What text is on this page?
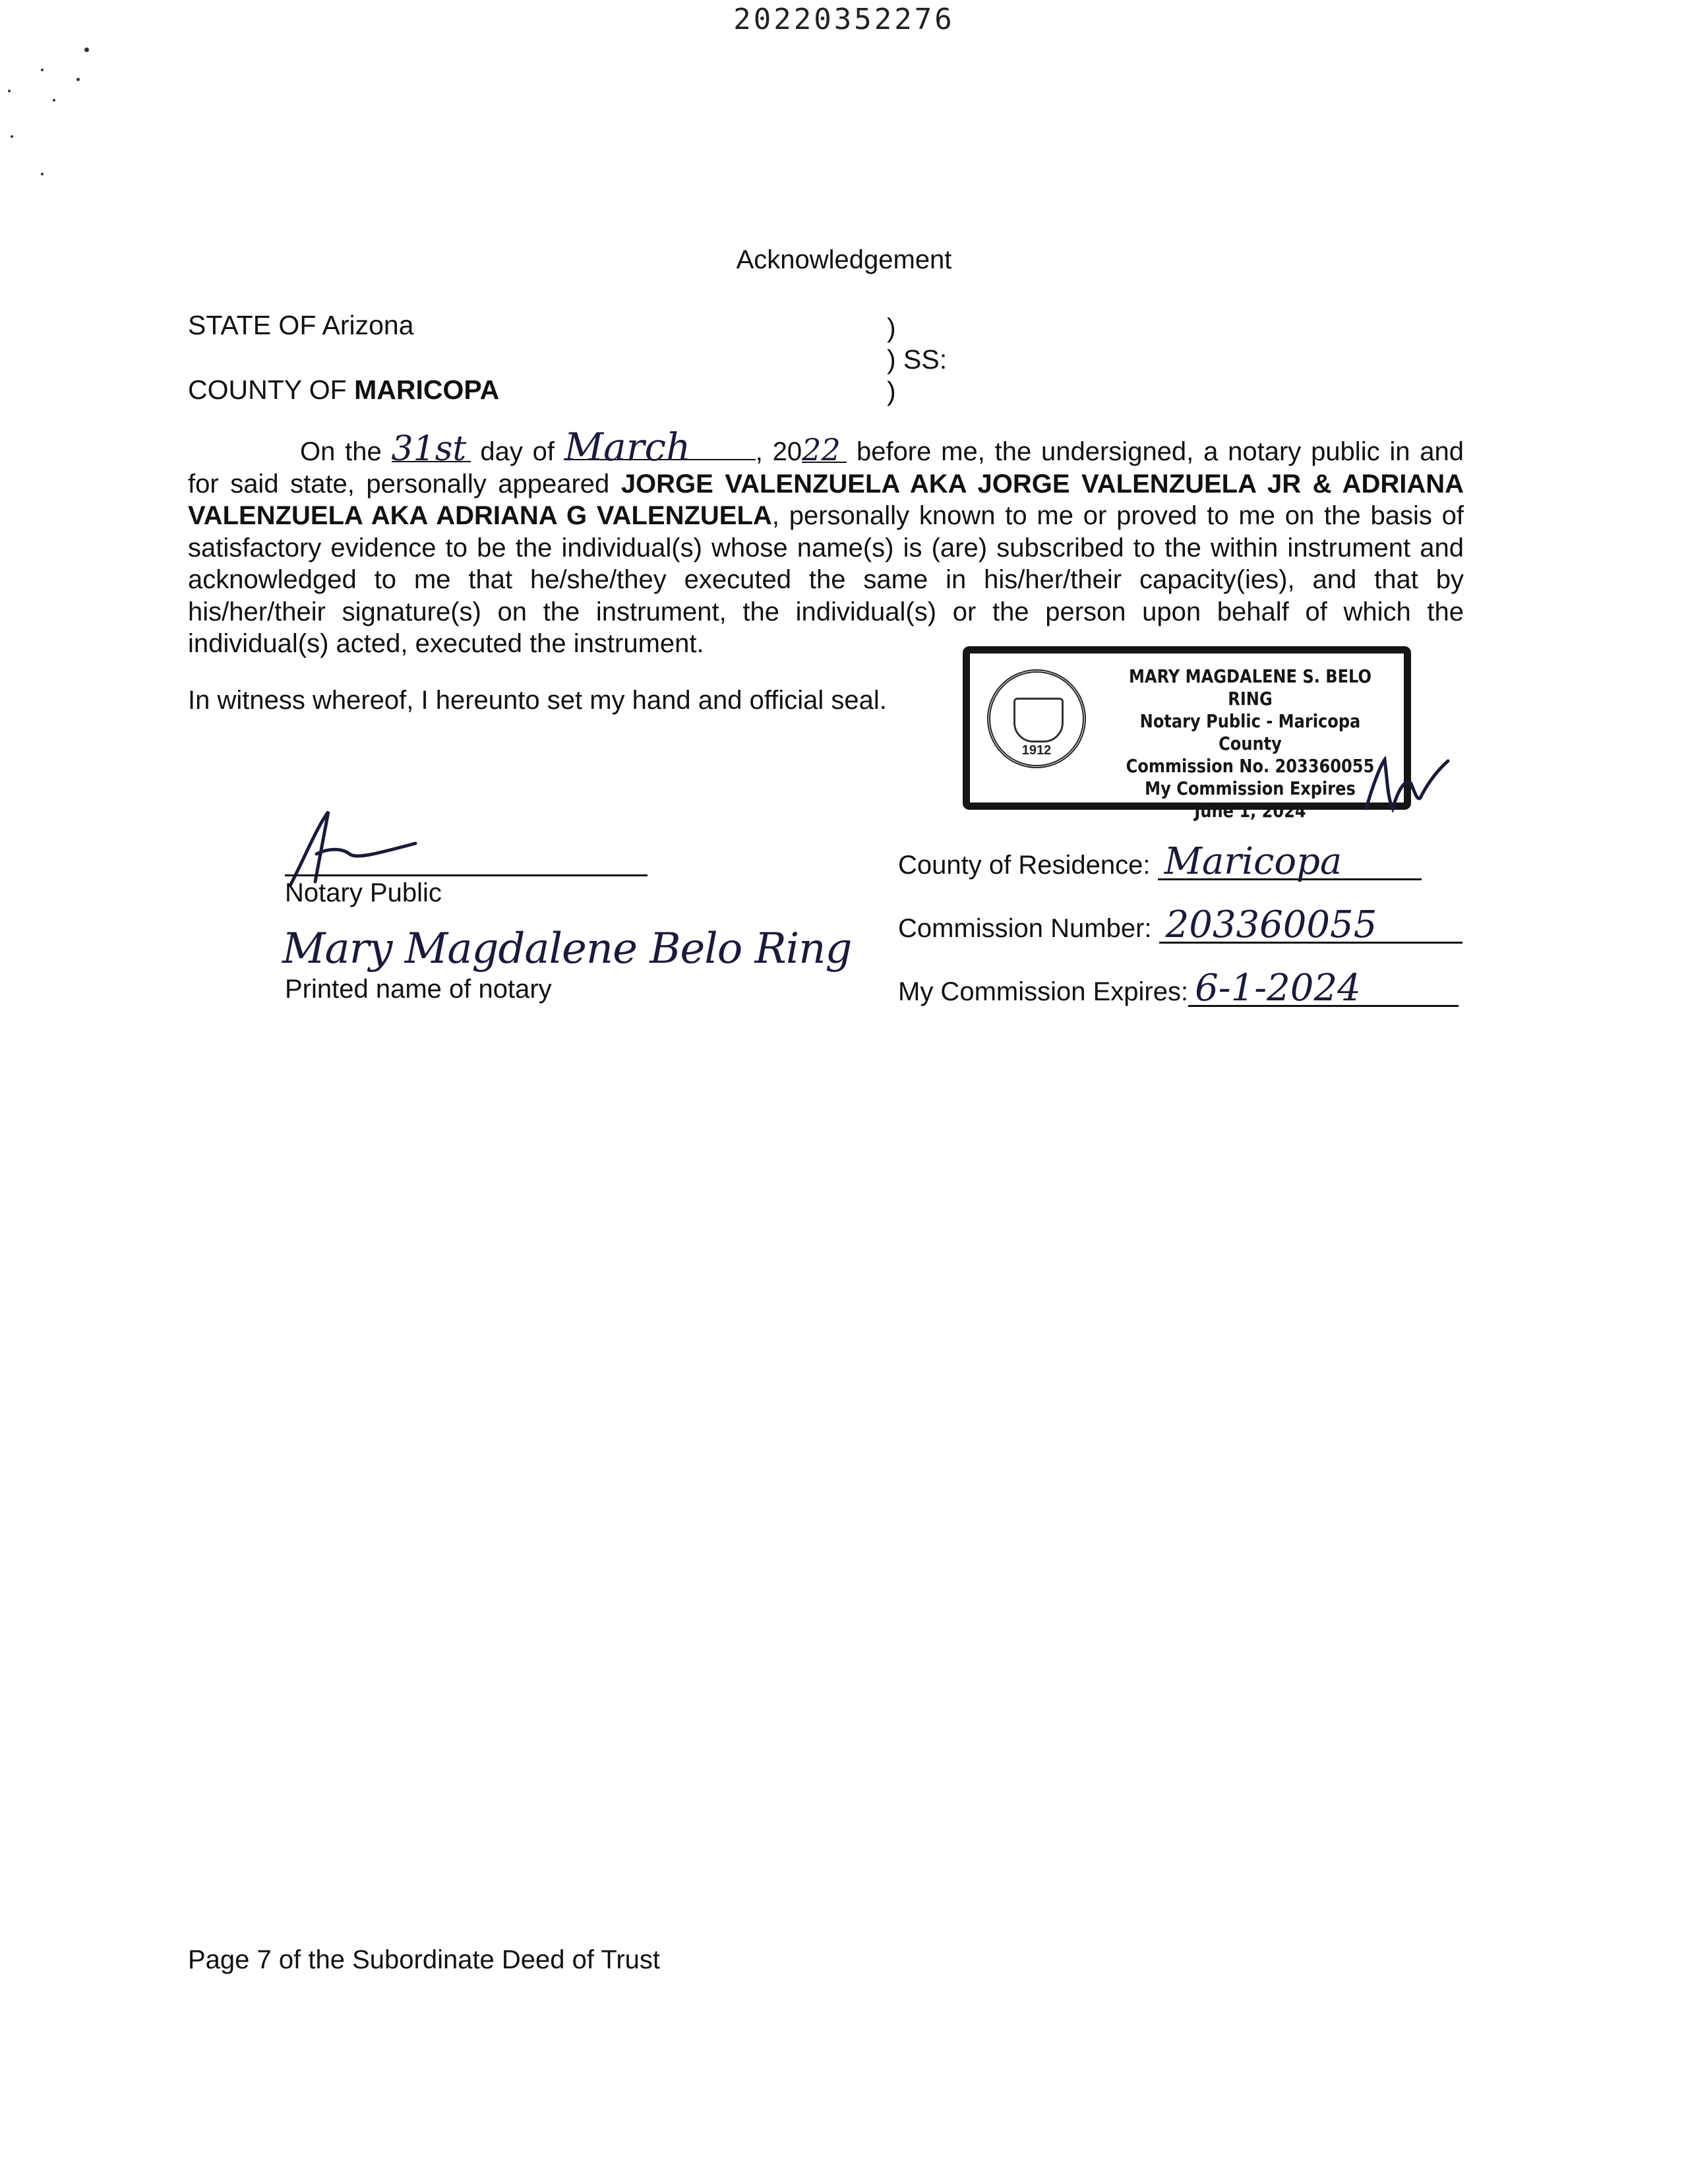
20220352276
Acknowledgement
STATE OF Arizona
COUNTY OF MARICOPA
)
) SS:
)
On the 31st day of March , 2022 before me, the undersigned, a notary public in and for said state, personally appeared JORGE VALENZUELA AKA JORGE VALENZUELA JR & ADRIANA VALENZUELA AKA ADRIANA G VALENZUELA, personally known to me or proved to me on the basis of satisfactory evidence to be the individual(s) whose name(s) is (are) subscribed to the within instrument and acknowledged to me that he/she/they executed the same in his/her/their capacity(ies), and that by his/her/their signature(s) on the instrument, the individual(s) or the person upon behalf of which the individual(s) acted, executed the instrument.
In witness whereof, I hereunto set my hand and official seal.
1912
MARY MAGDALENE S. BELO RING
Notary Public - Maricopa County
Commission No. 203360055
My Commission Expires
June 1, 2024
Notary Public
Mary Magdalene Belo Ring
Printed name of notary
County of Residence: Maricopa
Commission Number: 203360055
My Commission Expires: 6-1-2024
Page 7 of the Subordinate Deed of Trust
